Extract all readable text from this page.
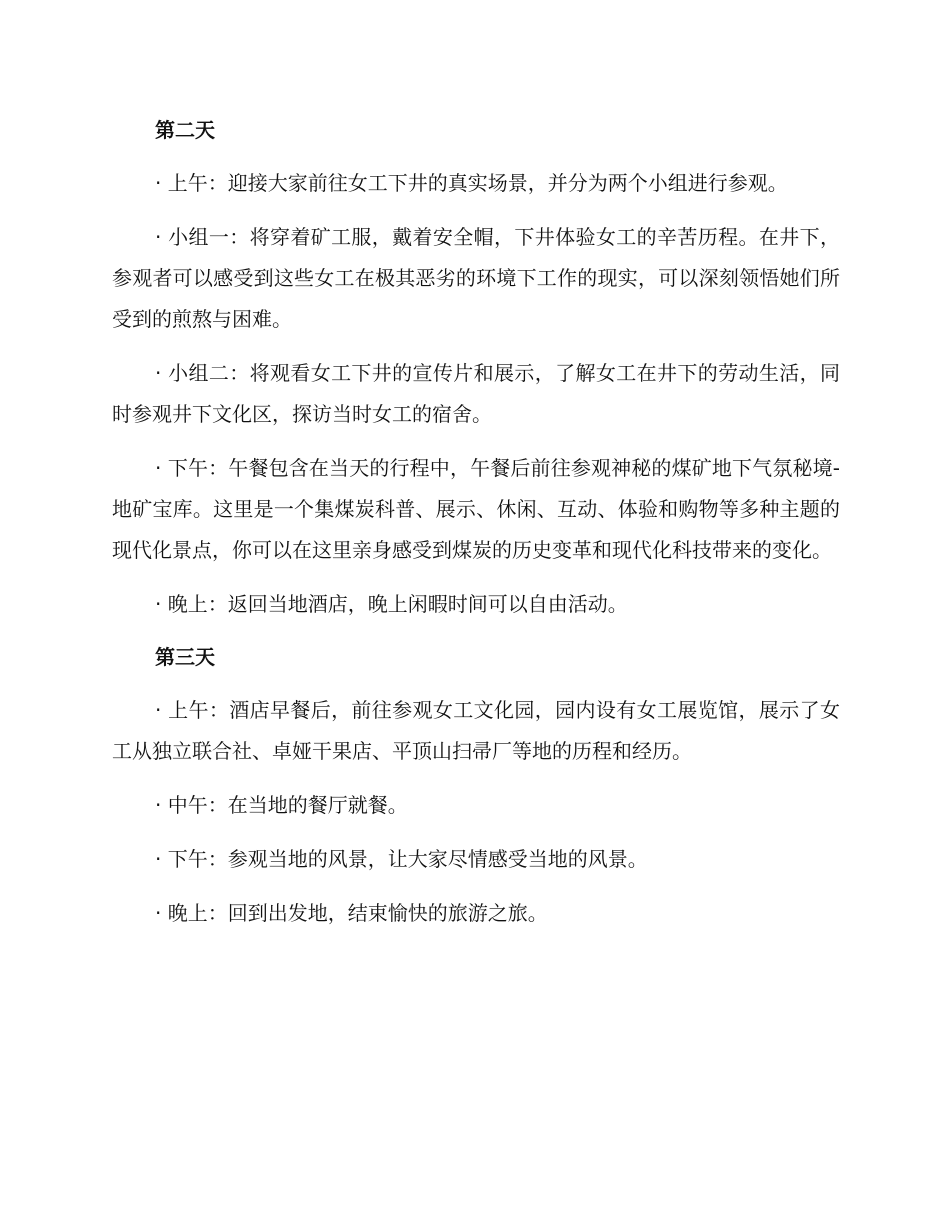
第二天

· 上午：迎接大家前往女工下井的真实场景，并分为两个小组进行参观。

· 小组一：将穿着矿工服，戴着安全帽，下井体验女工的辛苦历程。在井下，参观者可以感受到这些女工在极其恶劣的环境下工作的现实，可以深刻领悟她们所受到的煎熬与困难。

· 小组二：将观看女工下井的宣传片和展示，了解女工在井下的劳动生活，同时参观井下文化区，探访当时女工的宿舍。

· 下午：午餐包含在当天的行程中，午餐后前往参观神秘的煤矿地下气氛秘境-地矿宝库。这里是一个集煤炭科普、展示、休闲、互动、体验和购物等多种主题的现代化景点，你可以在这里亲身感受到煤炭的历史变革和现代化科技带来的变化。

· 晚上：返回当地酒店，晚上闲暇时间可以自由活动。

第三天

· 上午：酒店早餐后，前往参观女工文化园，园内设有女工展览馆，展示了女工从独立联合社、卓娅干果店、平顶山扫帚厂等地的历程和经历。

· 中午：在当地的餐厅就餐。

· 下午：参观当地的风景，让大家尽情感受当地的风景。

· 晚上：回到出发地，结束愉快的旅游之旅。
